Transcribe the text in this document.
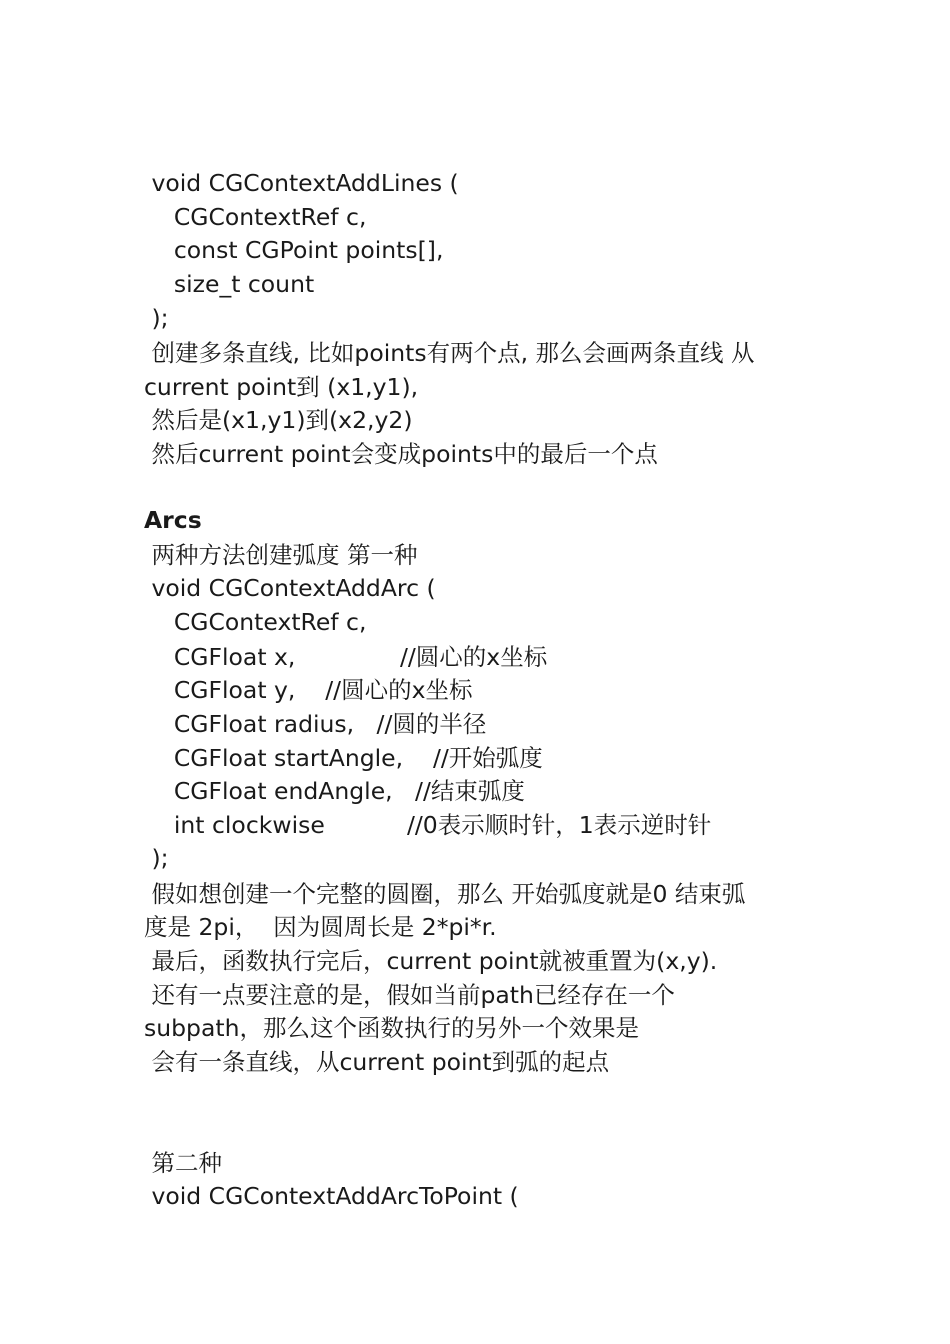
void CGContextAddLines (
CGContextRef c,
const CGPoint points[],
size_t count
);
创建多条直线, 比如points有两个点, 那么会画两条直线 从
current point到 (x1,y1),
然后是(x1,y1)到(x2,y2)
然后current point会变成points中的最后一个点
Arcs
两种方法创建弧度 第一种
void CGContextAddArc (
CGContextRef c,
CGFloat x,              //圆心的x坐标
CGFloat y,    //圆心的x坐标
CGFloat radius,   //圆的半径
CGFloat startAngle,    //开始弧度
CGFloat endAngle,   //结束弧度
int clockwise           //0表示顺时针，1表示逆时针
);
假如想创建一个完整的圆圈，那么 开始弧度就是0 结束弧
度是 2pi，  因为圆周长是 2*pi*r.
最后，函数执行完后，current point就被重置为(x,y).
还有一点要注意的是，假如当前path已经存在一个
subpath，那么这个函数执行的另外一个效果是
会有一条直线，从current point到弧的起点
第二种
void CGContextAddArcToPoint (
